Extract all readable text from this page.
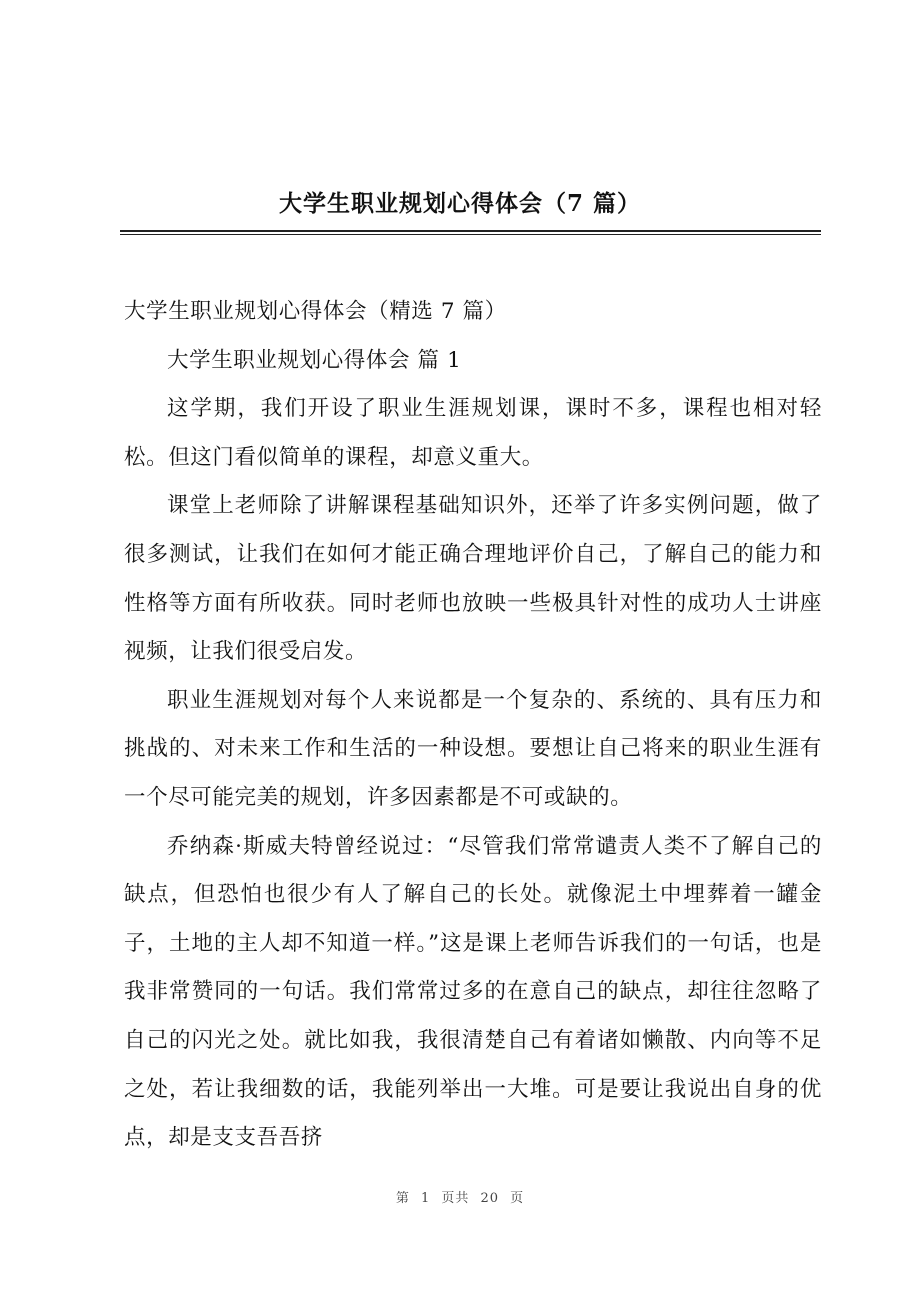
大学生职业规划心得体会（7 篇）

大学生职业规划心得体会（精选 7 篇）

大学生职业规划心得体会 篇 1

这学期，我们开设了职业生涯规划课，课时不多，课程也相对轻松。但这门看似简单的课程，却意义重大。

课堂上老师除了讲解课程基础知识外，还举了许多实例问题，做了很多测试，让我们在如何才能正确合理地评价自己，了解自己的能力和性格等方面有所收获。同时老师也放映一些极具针对性的成功人士讲座视频，让我们很受启发。

职业生涯规划对每个人来说都是一个复杂的、系统的、具有压力和挑战的、对未来工作和生活的一种设想。要想让自己将来的职业生涯有一个尽可能完美的规划，许多因素都是不可或缺的。

乔纳森·斯威夫特曾经说过：“尽管我们常常谴责人类不了解自己的缺点，但恐怕也很少有人了解自己的长处。就像泥土中埋葬着一罐金子，土地的主人却不知道一样。”这是课上老师告诉我们的一句话，也是我非常赞同的一句话。我们常常过多的在意自己的缺点，却往往忽略了自己的闪光之处。就比如我，我很清楚自己有着诸如懒散、内向等不足之处，若让我细数的话，我能列举出一大堆。可是要让我说出自身的优点，却是支支吾吾挤

第 1 页共 20 页
